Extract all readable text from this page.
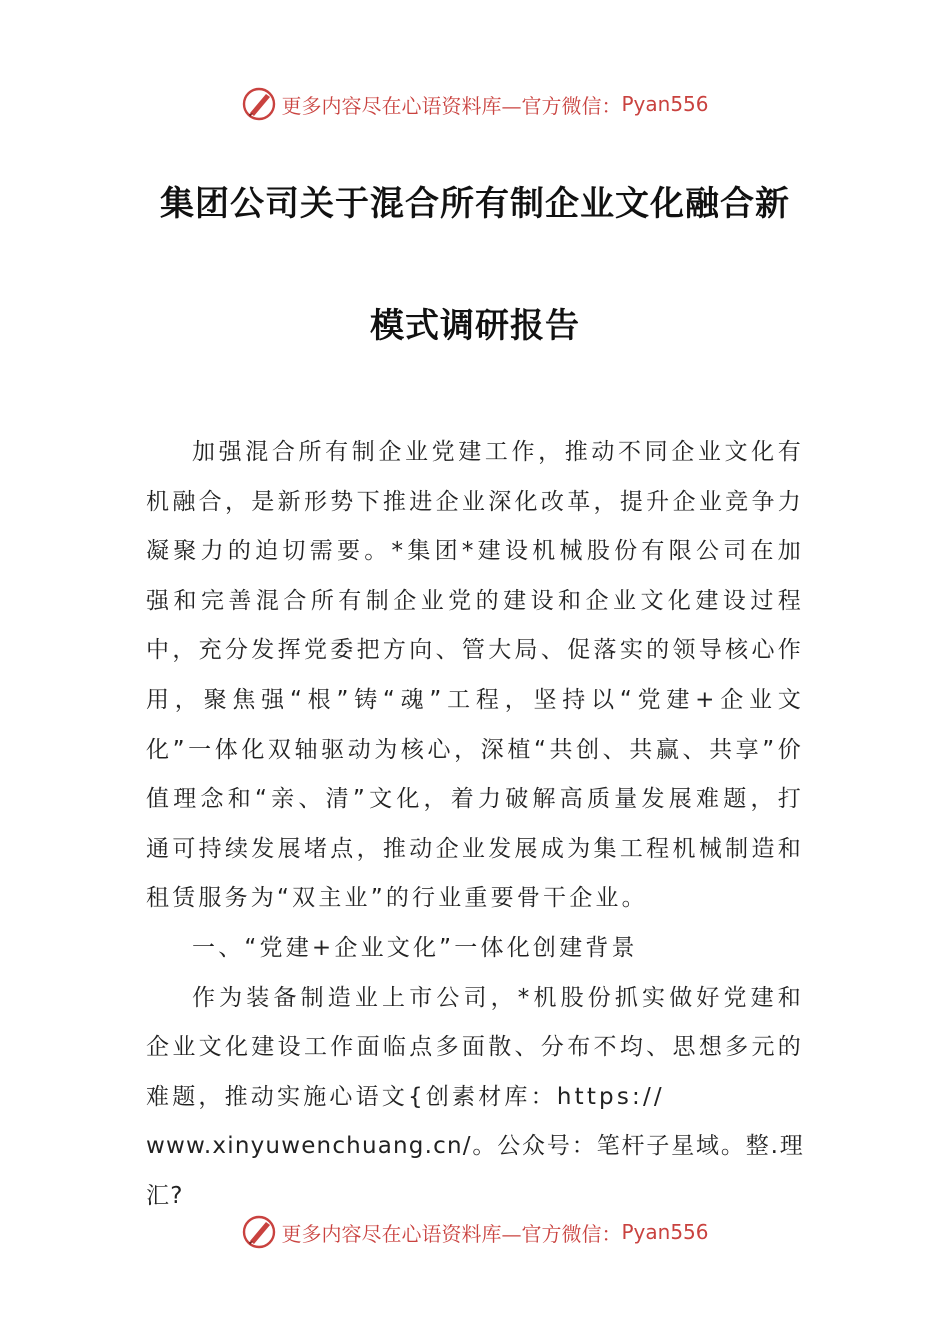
更多内容尽在心语资料库—官方微信： Pyan556
集团公司关于混合所有制企业文化融合新
模式调研报告

加强混合所有制企业党建工作，推动不同企业文化有机融合，是新形势下推进企业深化改革，提升企业竞争力凝聚力的迫切需要。*集团*建设机械股份有限公司在加强和完善混合所有制企业党的建设和企业文化建设过程中，充分发挥党委把方向、管大局、促落实的领导核心作用，聚焦强“根”铸“魂”工程，坚持以“党建+企业文化”一体化双轴驱动为核心，深植“共创、共赢、共享”价值理念和“亲、清”文化，着力破解高质量发展难题，打通可持续发展堵点，推动企业发展成为集工程机械制造和租赁服务为“双主业”的行业重要骨干企业。

一、“党建+企业文化”一体化创建背景

作为装备制造业上市公司，*机股份抓实做好党建和企业文化建设工作面临点多面散、分布不均、思想多元的难题，推动实施心语文{创素材库：https://

www.xinyuwenchuang.cn/。公众号：笔杆子星域。整.理汇?

更多内容尽在心语资料库—官方微信： Pyan556
